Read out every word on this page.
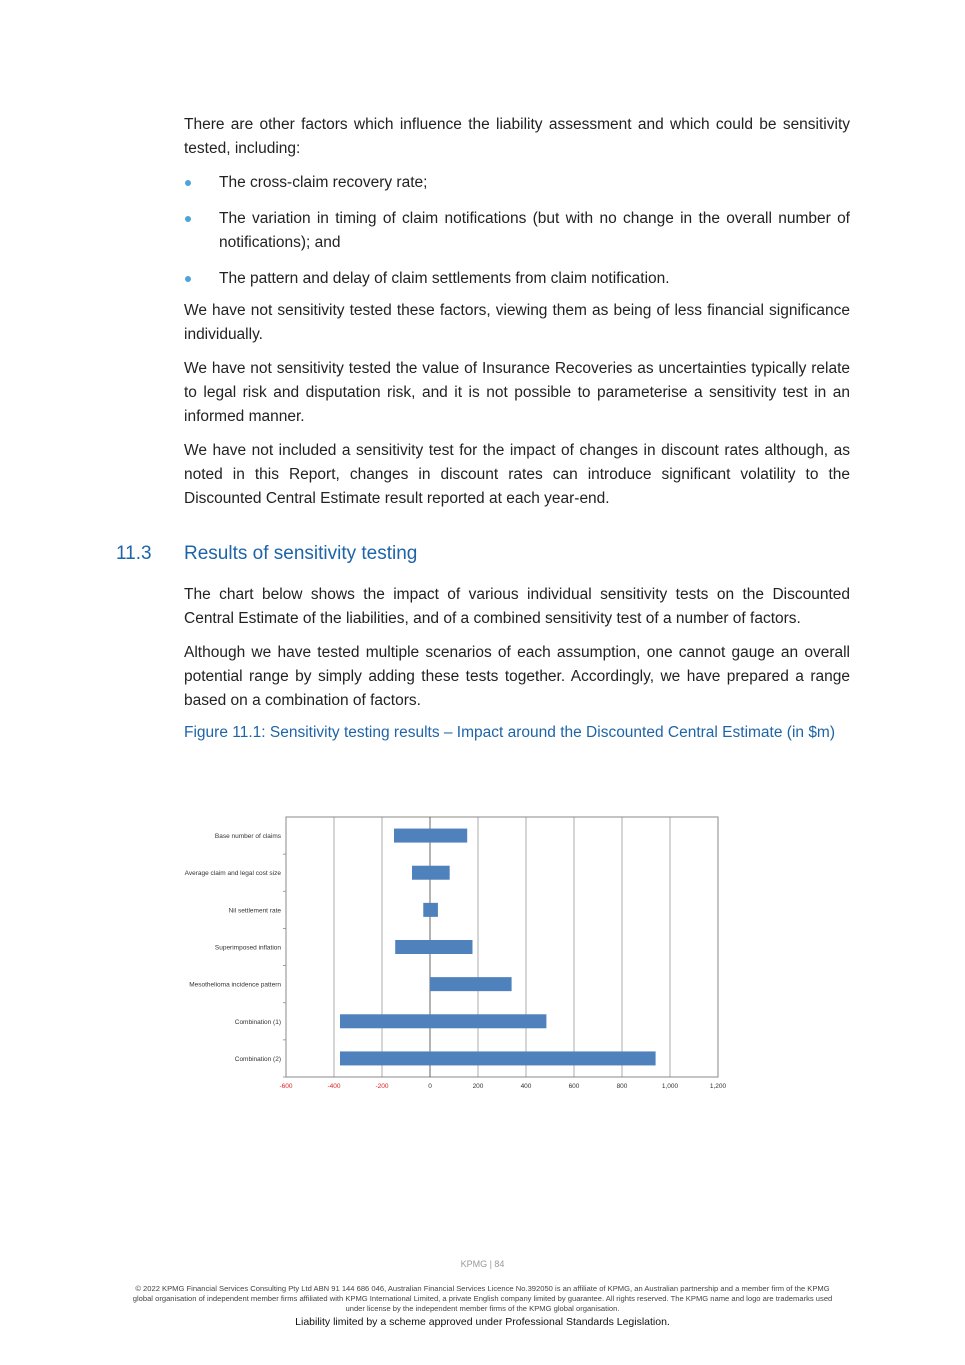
There are other factors which influence the liability assessment and which could be sensitivity tested, including:

The cross-claim recovery rate;
The variation in timing of claim notifications (but with no change in the overall number of notifications); and
The pattern and delay of claim settlements from claim notification.

We have not sensitivity tested these factors, viewing them as being of less financial significance individually.

We have not sensitivity tested the value of Insurance Recoveries as uncertainties typically relate to legal risk and disputation risk, and it is not possible to parameterise a sensitivity test in an informed manner.

We have not included a sensitivity test for the impact of changes in discount rates although, as noted in this Report, changes in discount rates can introduce significant volatility to the Discounted Central Estimate result reported at each year-end.

11.3 Results of sensitivity testing

The chart below shows the impact of various individual sensitivity tests on the Discounted Central Estimate of the liabilities, and of a combined sensitivity test of a number of factors.

Although we have tested multiple scenarios of each assumption, one cannot gauge an overall potential range by simply adding these tests together. Accordingly, we have prepared a range based on a combination of factors.

Figure 11.1: Sensitivity testing results – Impact around the Discounted Central Estimate (in $m)
-600	-400	-200	0	200	400	600	800	1,000	1,200
Base number of claims
Average claim and legal cost size
Nil settlement rate
Superimposed inflation
Mesothelioma incidence pattern
Combination (1)
Combination (2)
KPMG | 84
© 2022 KPMG Financial Services Consulting Pty Ltd ABN 91 144 686 046, Australian Financial Services Licence No.392050 is an affiliate of KPMG, an Australian partnership and a member firm of the KPMG global organisation of independent member firms affiliated with KPMG International Limited, a private English company limited by guarantee. All rights reserved. The KPMG name and logo are trademarks used under license by the independent member firms of the KPMG global organisation.
Liability limited by a scheme approved under Professional Standards Legislation.
